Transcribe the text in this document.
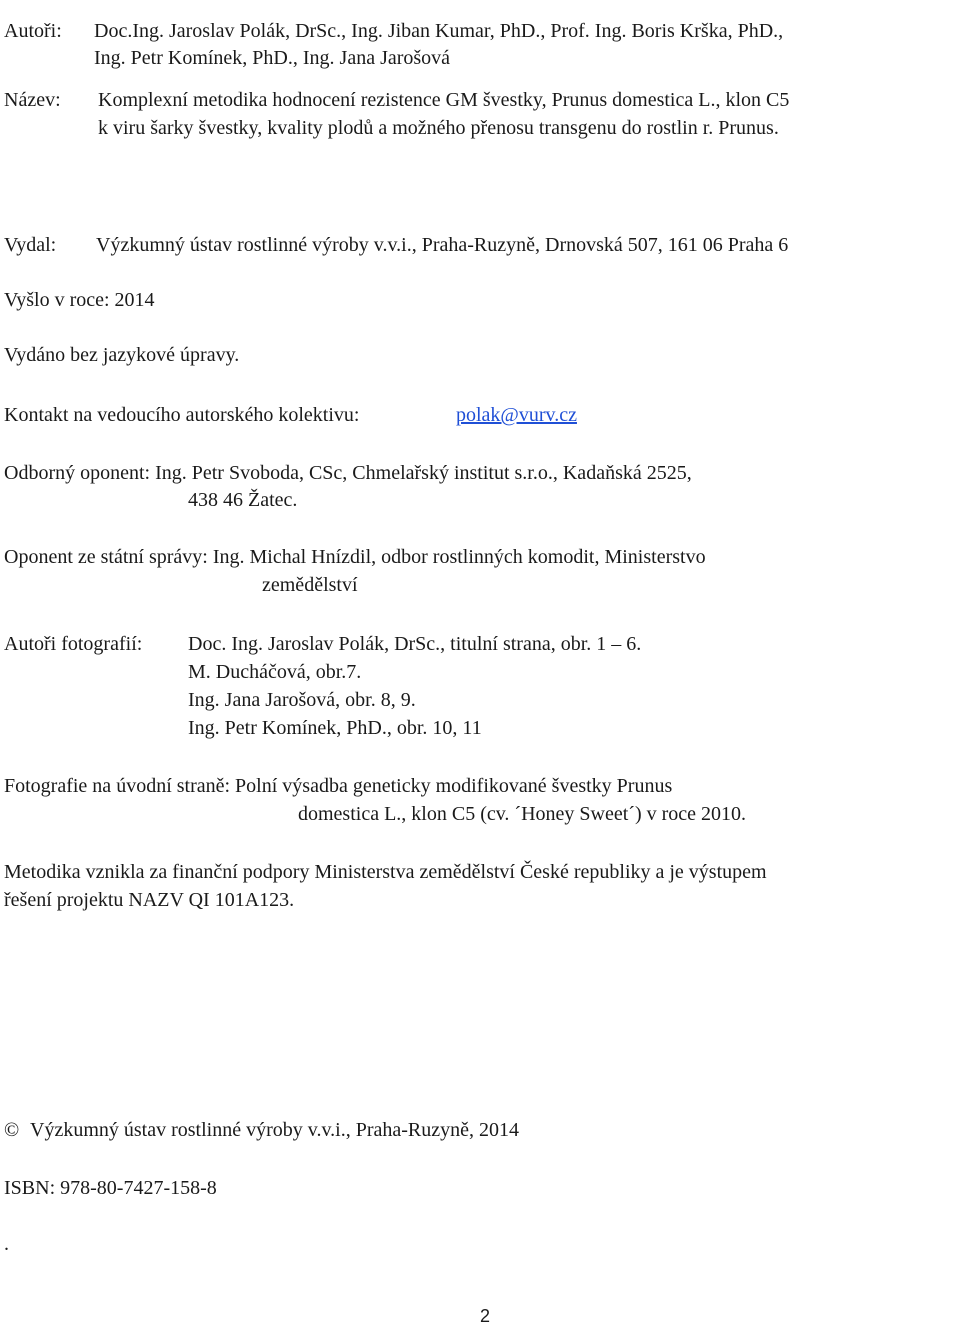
Autoři: Doc.Ing. Jaroslav Polák, DrSc., Ing. Jiban Kumar, PhD., Prof. Ing. Boris Krška, PhD.,
Ing. Petr Komínek, PhD., Ing. Jana Jarošová
Název: Komplexní metodika hodnocení rezistence GM švestky, Prunus domestica L., klon C5
k viru šarky švestky, kvality plodů a možného přenosu transgenu do rostlin r. Prunus.
Vydal: Výzkumný ústav rostlinné výroby v.v.i., Praha-Ruzyně, Drnovská 507, 161 06 Praha 6
Vyšlo v roce: 2014
Vydáno bez jazykové úpravy.
Kontakt na vedoucího autorského kolektivu:	polak@vurv.cz
Odborný oponent: Ing. Petr Svoboda, CSc, Chmelařský institut s.r.o., Kadaňská 2525,
438 46 Žatec.
Oponent ze státní správy: Ing. Michal Hnízdil, odbor rostlinných komodit, Ministerstvo
zemědělství
Autoři fotografií: Doc. Ing. Jaroslav Polák, DrSc., titulní strana, obr. 1 – 6.
M. Ducháčová, obr.7.
Ing. Jana Jarošová, obr. 8, 9.
Ing. Petr Komínek, PhD., obr. 10, 11
Fotografie na úvodní straně: Polní výsadba geneticky modifikované švestky Prunus
domestica L., klon C5 (cv. ´Honey Sweet´) v roce 2010.
Metodika vznikla za finanční podpory Ministerstva zemědělství České republiky a je výstupem
řešení projektu NAZV QI 101A123.
© Výzkumný ústav rostlinné výroby v.v.i., Praha-Ruzyně, 2014
ISBN: 978-80-7427-158-8
.
2
